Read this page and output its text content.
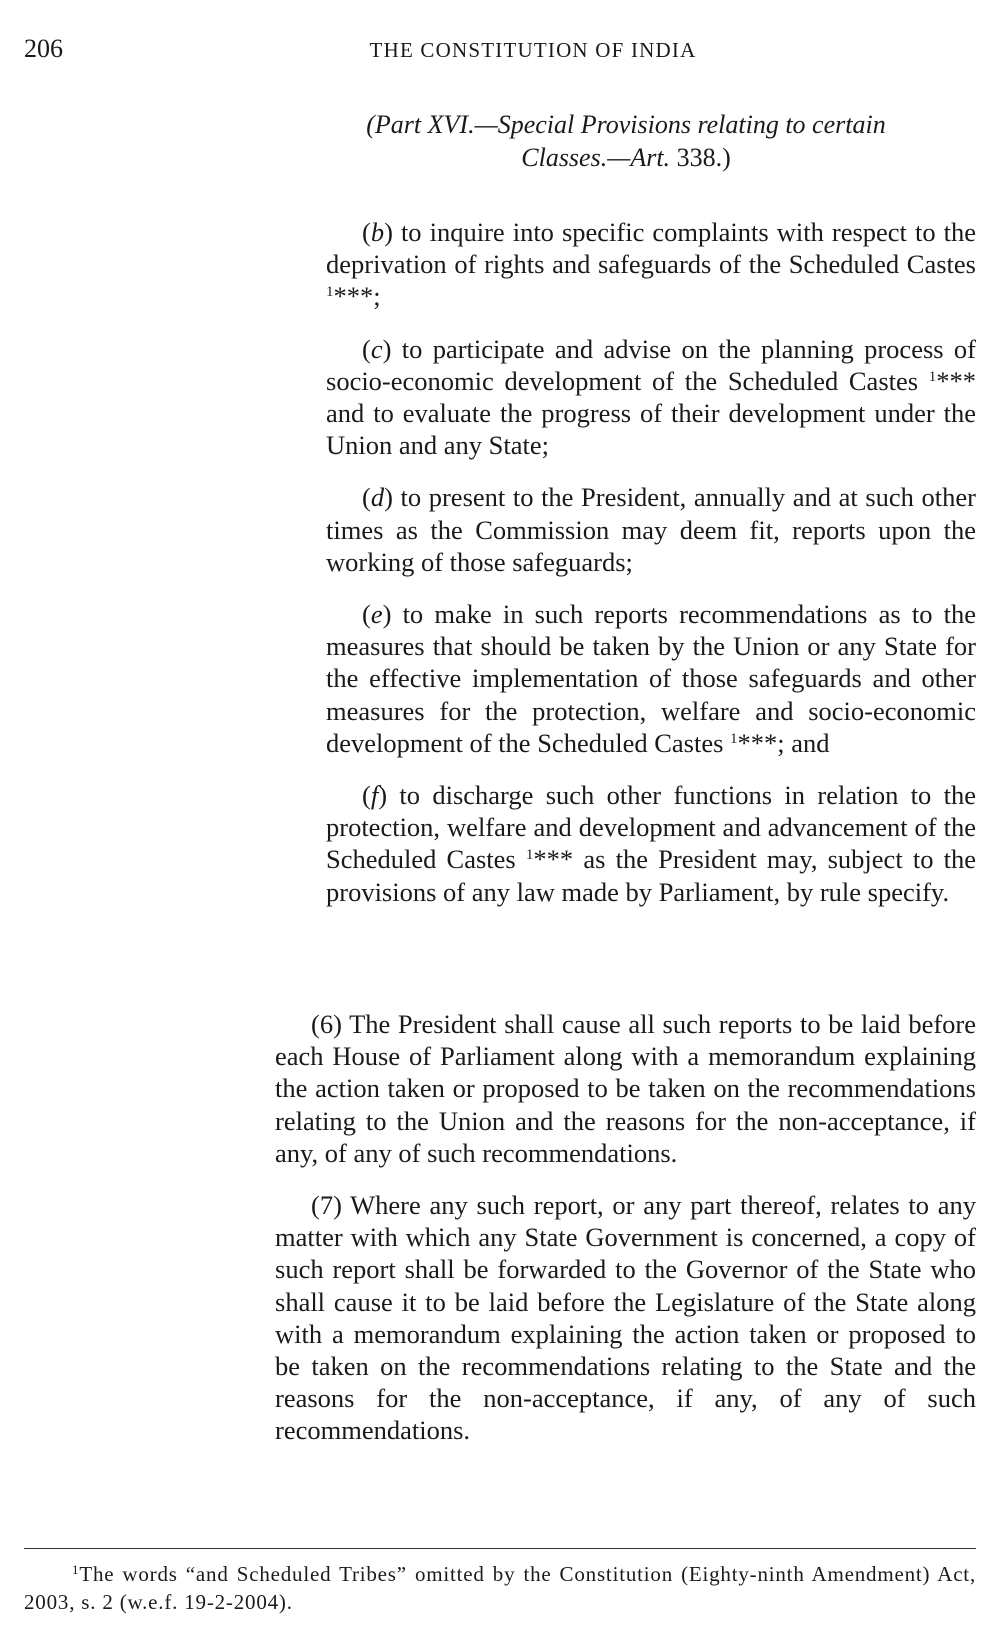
206	THE CONSTITUTION OF INDIA
(Part XVI.—Special Provisions relating to certain
Classes.—Art. 338.)

(b) to inquire into specific complaints with respect to the deprivation of rights and safeguards of the Scheduled Castes $^1$***;

(c) to participate and advise on the planning process of socio-economic development of the Scheduled Castes $^1$*** and to evaluate the progress of their development under the Union and any State;

(d) to present to the President, annually and at such other times as the Commission may deem fit, reports upon the working of those safeguards;

(e) to make in such reports recommendations as to the measures that should be taken by the Union or any State for the effective implementation of those safeguards and other measures for the protection, welfare and socio-economic development of the Scheduled Castes $^1$***; and

(f) to discharge such other functions in relation to the protection, welfare and development and advancement of the Scheduled Castes $^1$*** as the President may, subject to the provisions of any law made by Parliament, by rule specify.

(6) The President shall cause all such reports to be laid before each House of Parliament along with a memorandum explaining the action taken or proposed to be taken on the recommendations relating to the Union and the reasons for the non-acceptance, if any, of any of such recommendations.

(7) Where any such report, or any part thereof, relates to any matter with which any State Government is concerned, a copy of such report shall be forwarded to the Governor of the State who shall cause it to be laid before the Legislature of the State along with a memorandum explaining the action taken or proposed to be taken on the recommendations relating to the State and the reasons for the non-acceptance, if any, of any of such recommendations.

$^1$The words “and Scheduled Tribes” omitted by the Constitution (Eighty-ninth Amendment) Act, 2003, s. 2 (w.e.f. 19-2-2004).
